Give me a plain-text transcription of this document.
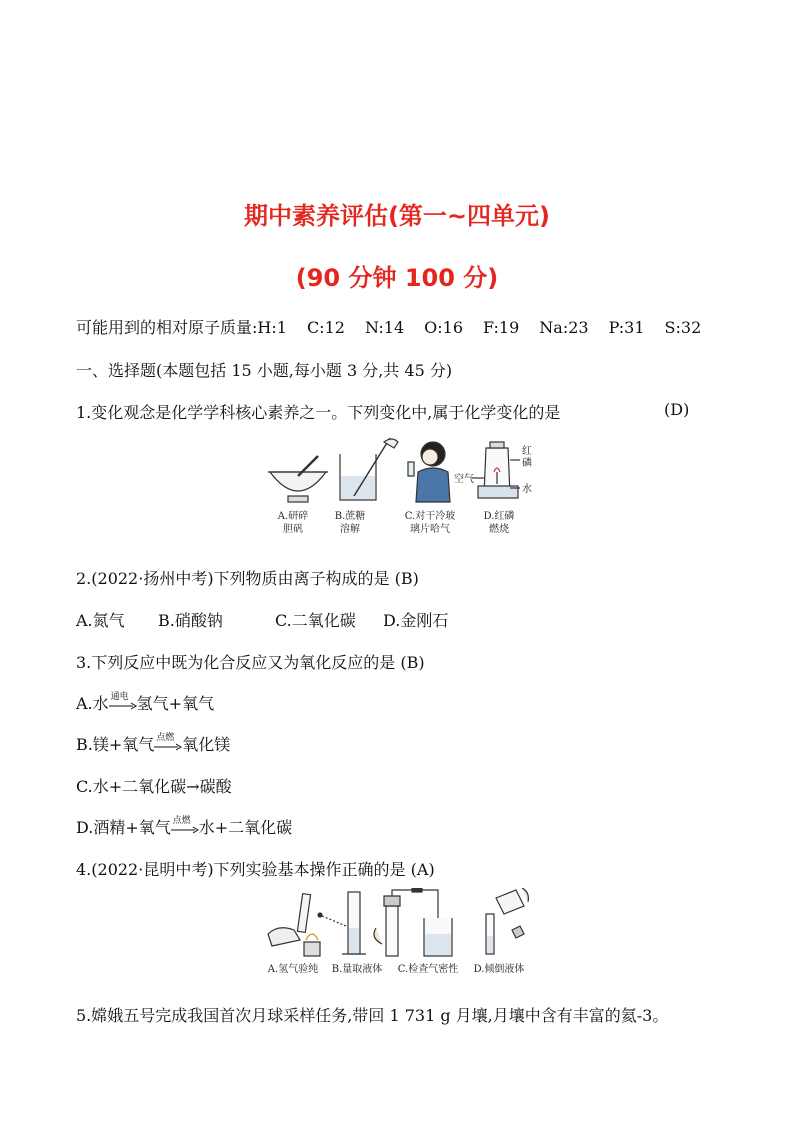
期中素养评估(第一~四单元)
(90 分钟 100 分)
可能用到的相对原子质量:H:1 C:12 N:14 O:16 F:19 Na:23 P:31 S:32
一、选择题(本题包括 15 小题,每小题 3 分,共 45 分)
1.变化观念是化学学科核心素养之一。下列变化中,属于化学变化的是	(D)
空气
红
磷
水
A.研碎
胆矾
B.蔗糖
溶解
C.对干冷玻
璃片哈气
D.红磷
燃烧
2.(2022·扬州中考)下列物质由离子构成的是 (B)
A.氮气 B.硝酸钠	C.二氧化碳 D.金刚石
3.下列反应中既为化合反应又为氧化反应的是 (B)
A.水 通电 氢气+氧气
B.镁+氧气 点燃 氧化镁
C.水+二氧化碳→碳酸
D.酒精+氧气 点燃 水+二氧化碳
4.(2022·昆明中考)下列实验基本操作正确的是 (A)
A.氢气验纯	B.量取液体	C.检查气密性	D.倾倒液体
5.嫦娥五号完成我国首次月球采样任务,带回 1 731 g 月壤,月壤中含有丰富的氦-3。
